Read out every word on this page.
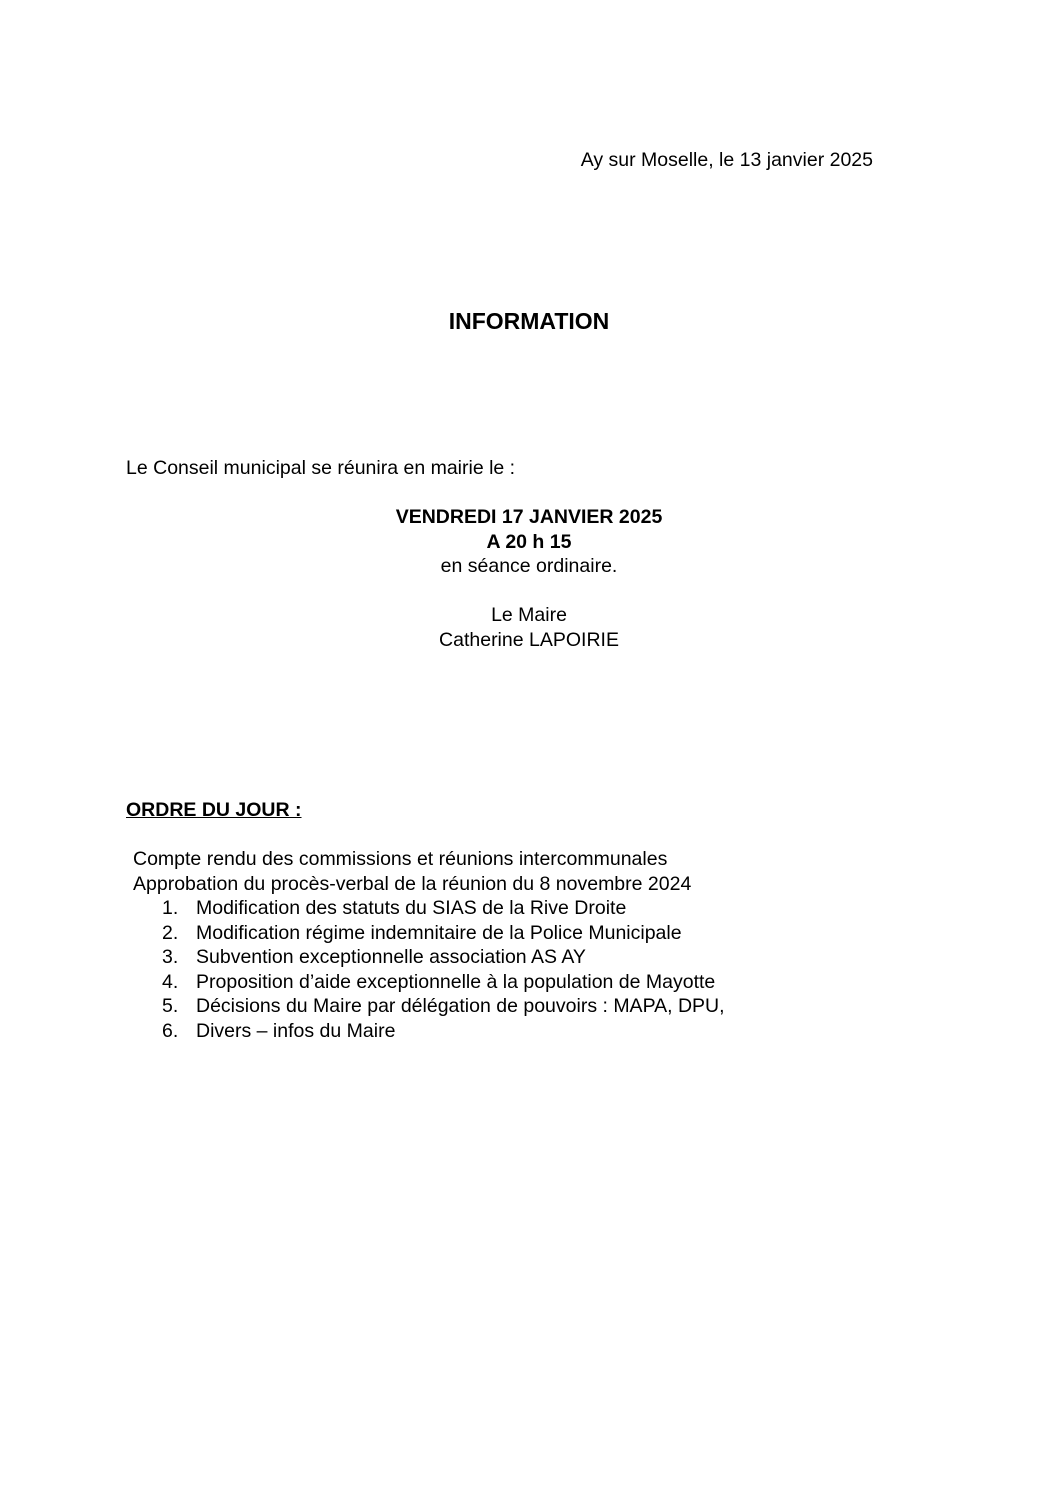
Ay sur Moselle, le 13 janvier 2025

INFORMATION

Le Conseil municipal se réunira en mairie le :

VENDREDI 17 JANVIER 2025
A 20 h 15
en séance ordinaire.
Le Maire
Catherine LAPOIRIE

ORDRE DU JOUR :

Compte rendu des commissions et réunions intercommunales
Approbation du procès-verbal de la réunion du 8 novembre 2024
1. Modification des statuts du SIAS de la Rive Droite
2. Modification régime indemnitaire de la Police Municipale
3. Subvention exceptionnelle association AS AY
4. Proposition d’aide exceptionnelle à la population de Mayotte
5. Décisions du Maire par délégation de pouvoirs : MAPA, DPU,
6. Divers – infos du Maire
